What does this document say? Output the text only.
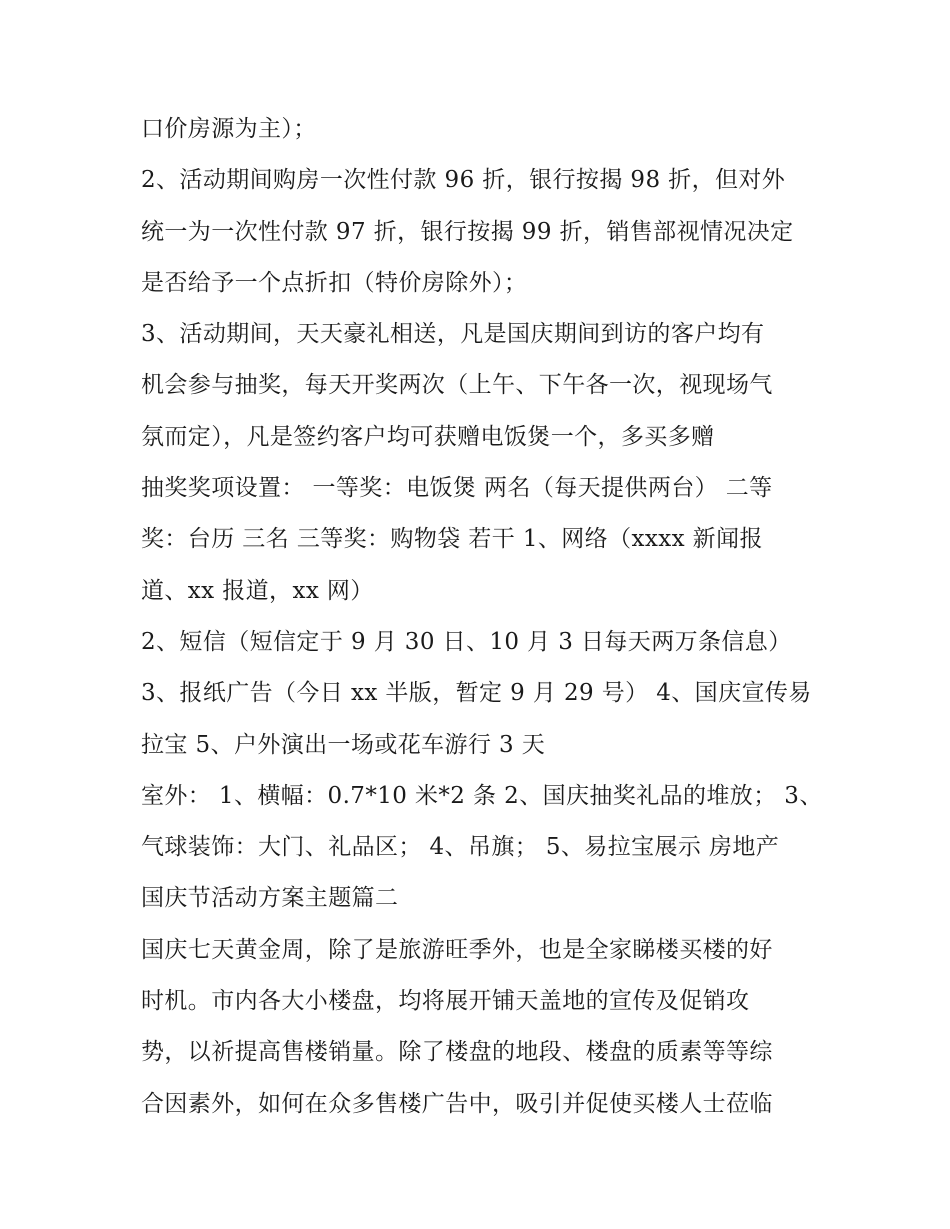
口价房源为主）；
2、活动期间购房一次性付款 96 折，银行按揭 98 折，但对外
统一为一次性付款 97 折，银行按揭 99 折，销售部视情况决定
是否给予一个点折扣（特价房除外）；
3、活动期间，天天豪礼相送，凡是国庆期间到访的客户均有
机会参与抽奖，每天开奖两次（上午、下午各一次，视现场气
氛而定），凡是签约客户均可获赠电饭煲一个，多买多赠
抽奖奖项设置： 一等奖：电饭煲 两名（每天提供两台） 二等
奖：台历 三名 三等奖：购物袋 若干 1、网络（xxxx 新闻报
道、xx 报道，xx 网）
2、短信（短信定于 9 月 30 日、10 月 3 日每天两万条信息）
3、报纸广告（今日 xx 半版，暂定 9 月 29 号） 4、国庆宣传易
拉宝 5、户外演出一场或花车游行 3 天
室外： 1、横幅：0.7*10 米*2 条 2、国庆抽奖礼品的堆放； 3、
气球装饰：大门、礼品区； 4、吊旗； 5、易拉宝展示 房地产
国庆节活动方案主题篇二
国庆七天黄金周，除了是旅游旺季外，也是全家睇楼买楼的好
时机。市内各大小楼盘，均将展开铺天盖地的宣传及促销攻
势，以祈提高售楼销量。除了楼盘的地段、楼盘的质素等等综
合因素外，如何在众多售楼广告中，吸引并促使买楼人士莅临
